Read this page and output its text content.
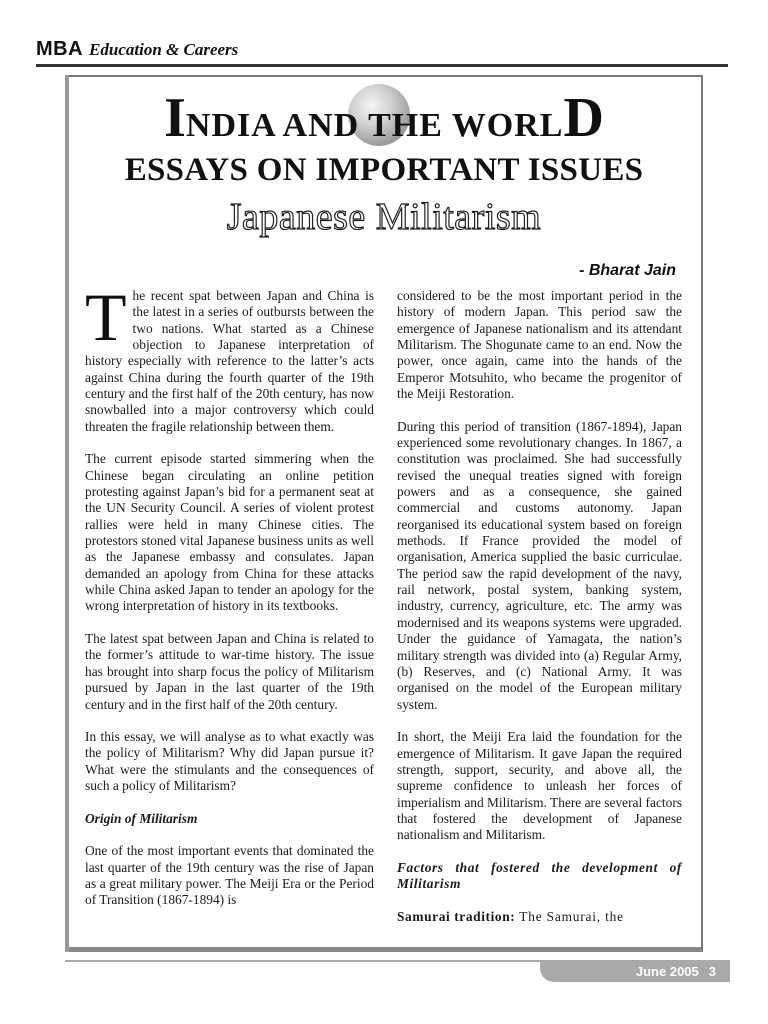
MBA Education & Careers
INDIA AND THE WORLD
ESSAYS ON IMPORTANT ISSUES
Japanese Militarism
- Bharat Jain

The recent spat between Japan and China is the latest in a series of outbursts between the two nations. What started as a Chinese objection to Japanese interpretation of history especially with reference to the latter’s acts against China during the fourth quarter of the 19th century and the first half of the 20th century, has now snowballed into a major controversy which could threaten the fragile relationship between them.

The current episode started simmering when the Chinese began circulating an online petition protesting against Japan’s bid for a permanent seat at the UN Security Council. A series of violent protest rallies were held in many Chinese cities. The protestors stoned vital Japanese business units as well as the Japanese embassy and consulates. Japan demanded an apology from China for these attacks while China asked Japan to tender an apology for the wrong interpretation of history in its textbooks.

The latest spat between Japan and China is related to the former’s attitude to war-time history. The issue has brought into sharp focus the policy of Militarism pursued by Japan in the last quarter of the 19th century and in the first half of the 20th century.

In this essay, we will analyse as to what exactly was the policy of Militarism? Why did Japan pursue it? What were the stimulants and the consequences of such a policy of Militarism?

Origin of Militarism

One of the most important events that dominated the last quarter of the 19th century was the rise of Japan as a great military power. The Meiji Era or the Period of Transition (1867-1894) is

considered to be the most important period in the history of modern Japan. This period saw the emergence of Japanese nationalism and its attendant Militarism. The Shogunate came to an end. Now the power, once again, came into the hands of the Emperor Motsuhito, who became the progenitor of the Meiji Restoration.

During this period of transition (1867-1894), Japan experienced some revolutionary changes. In 1867, a constitution was proclaimed. She had successfully revised the unequal treaties signed with foreign powers and as a consequence, she gained commercial and customs autonomy. Japan reorganised its educational system based on foreign methods. If France provided the model of organisation, America supplied the basic curriculae. The period saw the rapid development of the navy, rail network, postal system, banking system, industry, currency, agriculture, etc. The army was modernised and its weapons systems were upgraded. Under the guidance of Yamagata, the nation’s military strength was divided into (a) Regular Army, (b) Reserves, and (c) National Army. It was organised on the model of the European military system.

In short, the Meiji Era laid the foundation for the emergence of Militarism. It gave Japan the required strength, support, security, and above all, the supreme confidence to unleash her forces of imperialism and Militarism. There are several factors that fostered the development of Japanese nationalism and Militarism.

Factors that fostered the development of Militarism

Samurai tradition: The Samurai, the

June 2005 3
